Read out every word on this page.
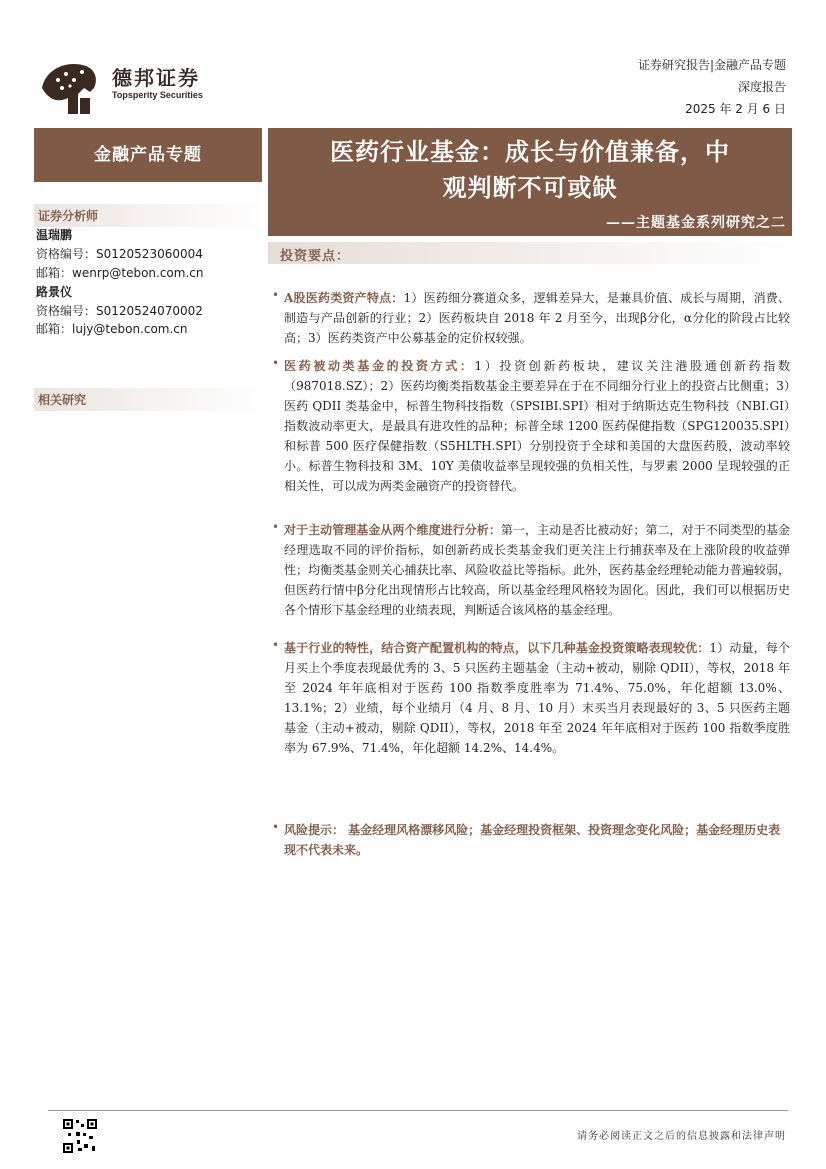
德邦证券
Topsperity Securities
证券研究报告|金融产品专题
深度报告
2025 年 2 月 6 日
金融产品专题	医药行业基金：成长与价值兼备，中
观判断不可或缺
——主题基金系列研究之二
证券分析师
温瑞鹏
资格编号：S0120523060004
邮箱：wenrp@tebon.com.cn
路景仪
资格编号：S0120524070002
邮箱：lujy@tebon.com.cn
相关研究
投资要点：
• A股医药类资产特点：1）医药细分赛道众多，逻辑差异大，是兼具价值、成长与周期，消费、制造与产品创新的行业；2）医药板块自 2018 年 2 月至今，出现β分化，α分化的阶段占比较高；3）医药类资产中公募基金的定价权较强。
• 医药被动类基金的投资方式：1）投资创新药板块，建议关注港股通创新药指数（987018.SZ）；2）医药均衡类指数基金主要差异在于在不同细分行业上的投资占比侧重；3）医药 QDII 类基金中，标普生物科技指数（SPSIBI.SPI）相对于纳斯达克生物科技（NBI.GI）指数波动率更大，是最具有进攻性的品种；标普全球 1200 医药保健指数（SPG120035.SPI）和标普 500 医疗保健指数（S5HLTH.SPI）分别投资于全球和美国的大盘医药股，波动率较小。标普生物科技和 3M、10Y 美债收益率呈现较强的负相关性，与罗素 2000 呈现较强的正相关性，可以成为两类金融资产的投资替代。
• 对于主动管理基金从两个维度进行分析：第一，主动是否比被动好；第二，对于不同类型的基金经理选取不同的评价指标，如创新药成长类基金我们更关注上行捕获率及在上涨阶段的收益弹性；均衡类基金则关心捕获比率、风险收益比等指标。此外，医药基金经理轮动能力普遍较弱，但医药行情中β分化出现情形占比较高，所以基金经理风格较为固化。因此，我们可以根据历史各个情形下基金经理的业绩表现，判断适合该风格的基金经理。
• 基于行业的特性，结合资产配置机构的特点，以下几种基金投资策略表现较优：1）动量，每个月买上个季度表现最优秀的 3、5 只医药主题基金（主动+被动，剔除 QDII），等权，2018 年至 2024 年年底相对于医药 100 指数季度胜率为 71.4%、75.0%，年化超额 13.0%、13.1%；2）业绩，每个业绩月（4 月、8 月、10 月）末买当月表现最好的 3、5 只医药主题基金（主动+被动，剔除 QDII），等权，2018 年至 2024 年年底相对于医药 100 指数季度胜率为 67.9%、71.4%，年化超额 14.2%、14.4%。
• 风险提示： 基金经理风格漂移风险；基金经理投资框架、投资理念变化风险；基金经理历史表现不代表未来。
请务必阅读正文之后的信息披露和法律声明
